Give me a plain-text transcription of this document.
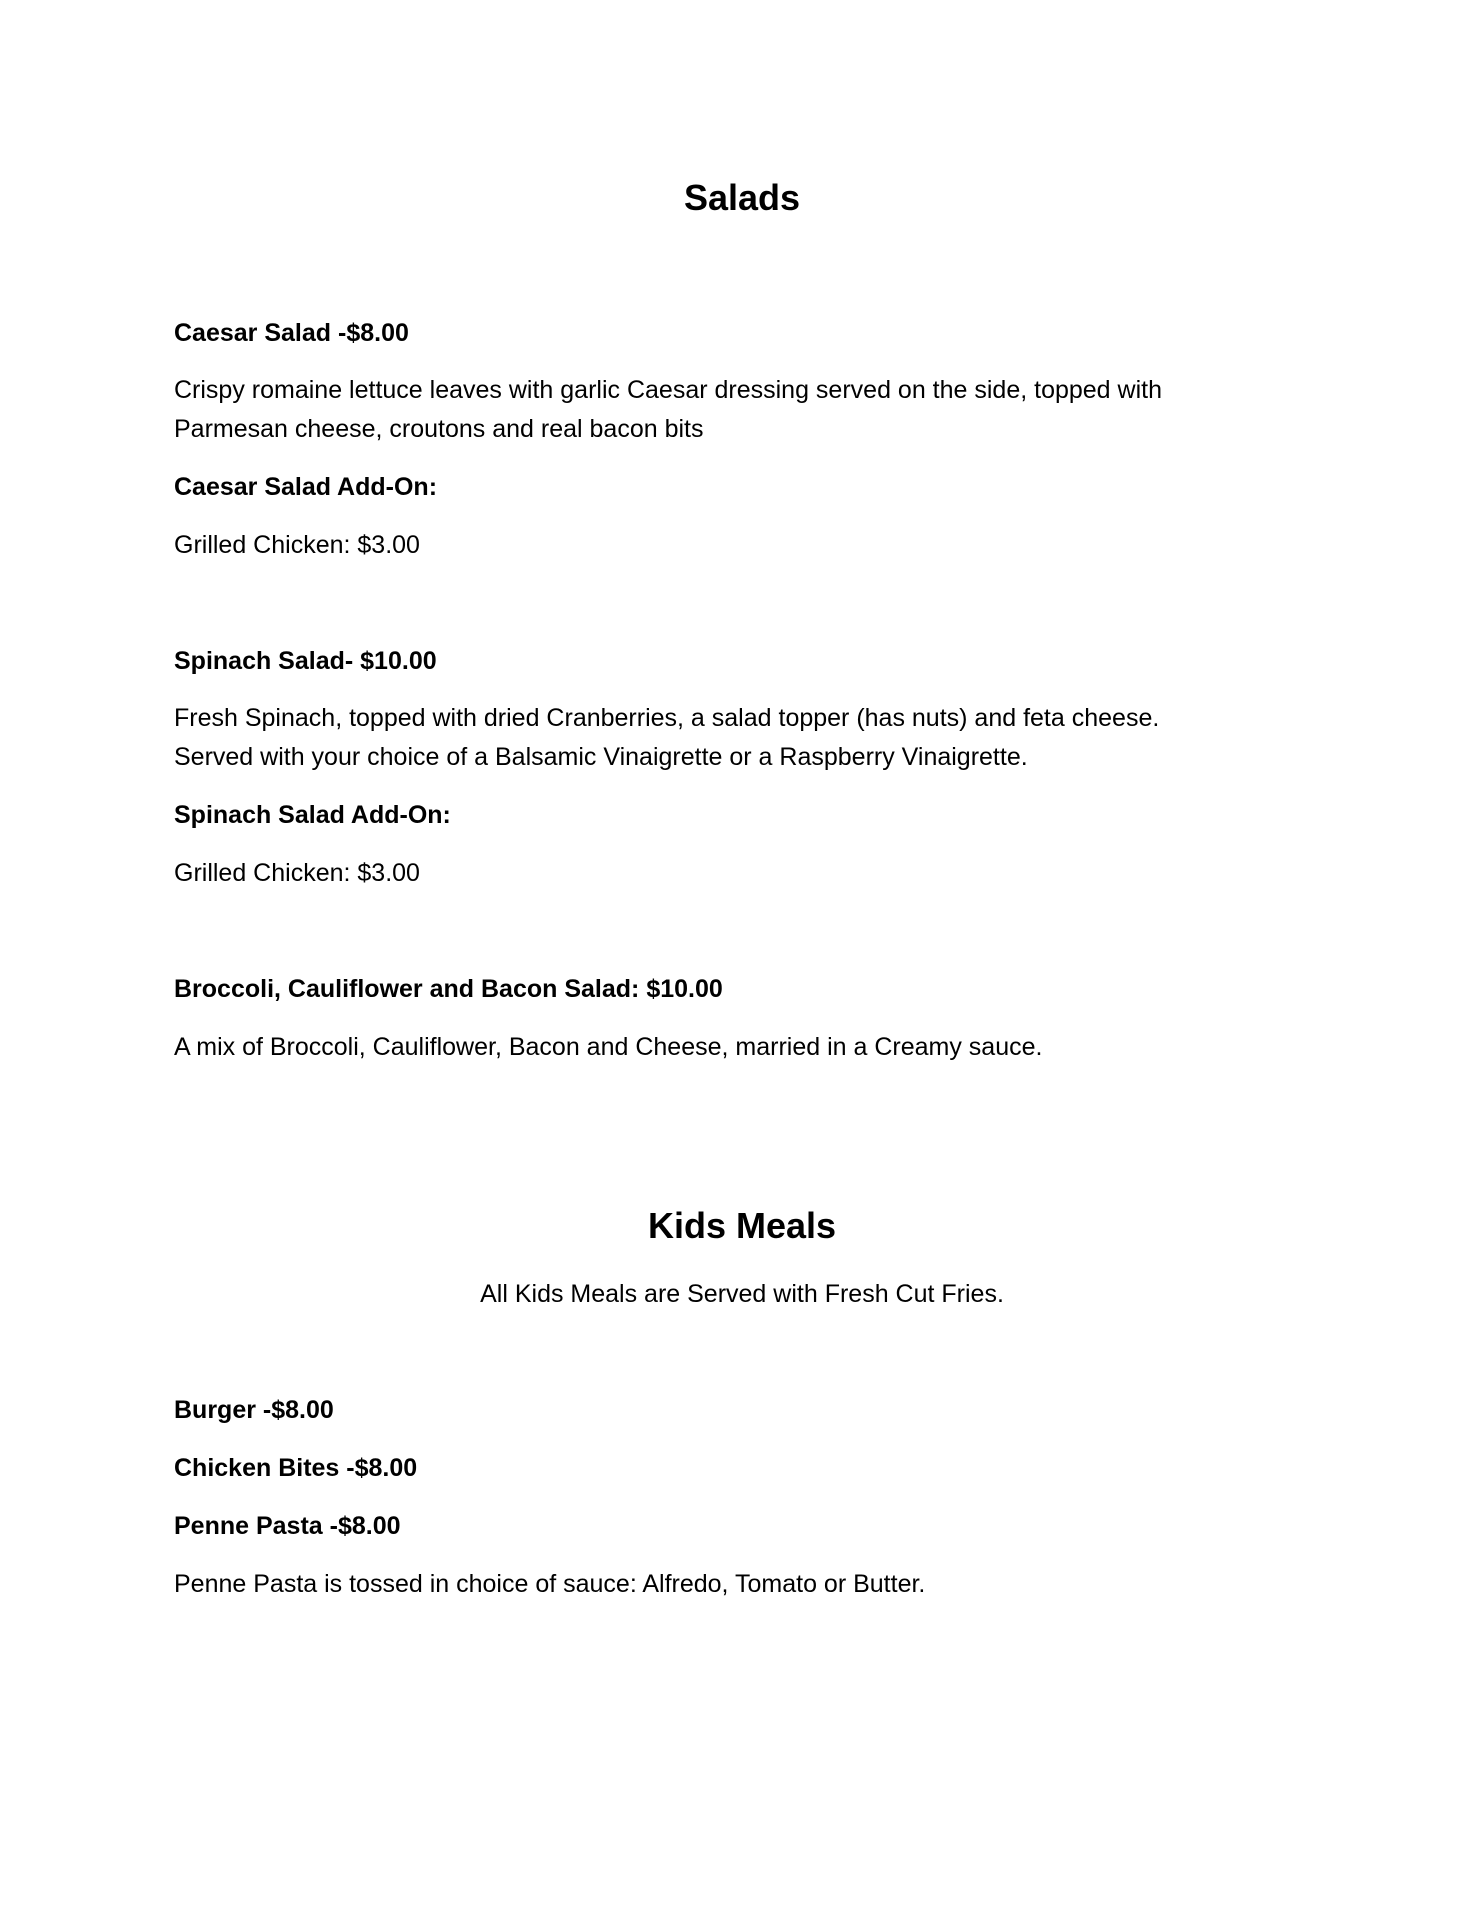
Salads

Caesar Salad -$8.00

Crispy romaine lettuce leaves with garlic Caesar dressing served on the side, topped with

Parmesan cheese, croutons and real bacon bits

Caesar Salad Add-On:

Grilled Chicken: $3.00

Spinach Salad- $10.00

Fresh Spinach, topped with dried Cranberries, a salad topper (has nuts) and feta cheese.

Served with your choice of a Balsamic Vinaigrette or a Raspberry Vinaigrette.

Spinach Salad Add-On:

Grilled Chicken: $3.00

Broccoli, Cauliflower and Bacon Salad: $10.00

A mix of Broccoli, Cauliflower, Bacon and Cheese, married in a Creamy sauce.

Kids Meals

All Kids Meals are Served with Fresh Cut Fries.

Burger -$8.00

Chicken Bites -$8.00

Penne Pasta -$8.00

Penne Pasta is tossed in choice of sauce: Alfredo, Tomato or Butter.
